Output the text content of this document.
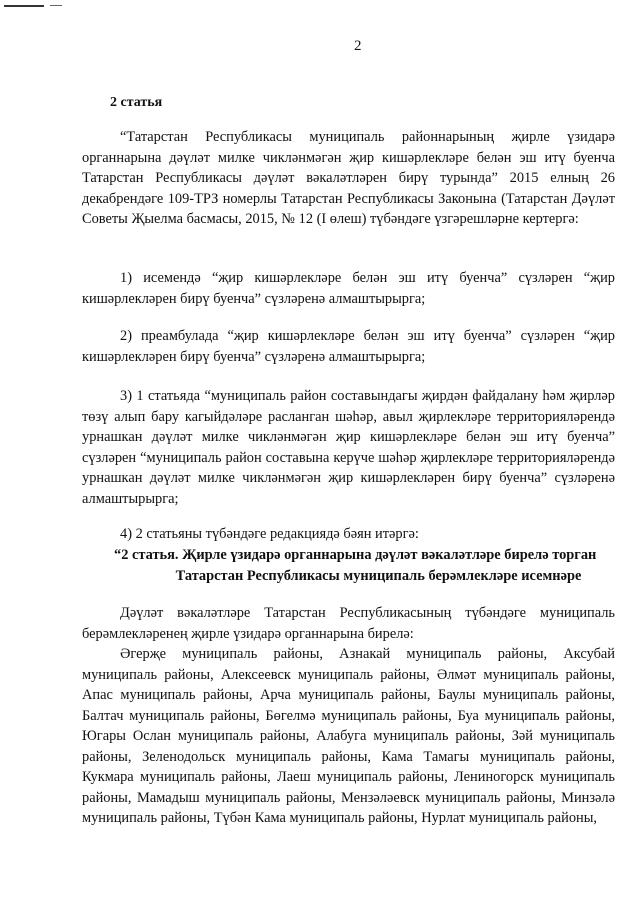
2
2 статья

“Татарстан Республикасы муниципаль районнарының җирле үзидарә органнарына дәүләт милке чикләнмәгән җир кишәрлекләре белән эш итү буенча Татарстан Республикасы дәүләт вәкаләтләрен бирү турында” 2015 елның 26 декабрендәге 109-ТРЗ номерлы Татарстан Республикасы Законына (Татарстан Дәүләт Советы Җыелма басмасы, 2015, № 12 (I өлеш) түбәндәге үзгәрешләрне кертергә:

1) исемендә “җир кишәрлекләре белән эш итү буенча” сүзләрен “җир кишәрлекләрен бирү буенча” сүзләренә алмаштырырга;

2) преамбулада “җир кишәрлекләре белән эш итү буенча” сүзләрен “җир кишәрлекләрен бирү буенча” сүзләренә алмаштырырга;

3) 1 статьяда “муниципаль район составындагы җирдән файдалану һәм җирләр төзү алып бару кагыйдәләре расланган шәһәр, авыл җирлекләре территорияләрендә урнашкан дәүләт милке чикләнмәгән җир кишәрлекләре белән эш итү буенча” сүзләрен “муниципаль район составына керүче шәһәр җирлекләре территорияләрендә урнашкан дәүләт милке чикләнмәгән җир кишәрлекләрен бирү буенча” сүзләренә алмаштырырга;

4) 2 статьяны түбәндәге редакциядә бәян итәргә:

“2 статья. Җирле үзидарә органнарына дәүләт вәкаләтләре бирелә торган

Татарстан Республикасы муниципаль берәмлекләре исемнәре

Дәүләт вәкаләтләре Татарстан Республикасының түбәндәге муниципаль берәмлекләренең җирле үзидарә органнарына бирелә:

Әгерҗе муниципаль районы, Азнакай муниципаль районы, Аксубай муниципаль районы, Алексеевск муниципаль районы, Әлмәт муниципаль районы, Апас муниципаль районы, Арча муниципаль районы, Баулы муниципаль районы, Балтач муниципаль районы, Бөгелмә муниципаль районы, Буа муниципаль районы, Югары Ослан муниципаль районы, Алабуга муниципаль районы, Зәй муниципаль районы, Зеленодольск муниципаль районы, Кама Тамагы муниципаль районы, Кукмара муниципаль районы, Лаеш муниципаль районы, Лениногорск муниципаль районы, Мамадыш муниципаль районы, Мензәләевск муниципаль районы, Минзәлә муниципаль районы, Түбән Кама муниципаль районы, Нурлат муниципаль районы,
